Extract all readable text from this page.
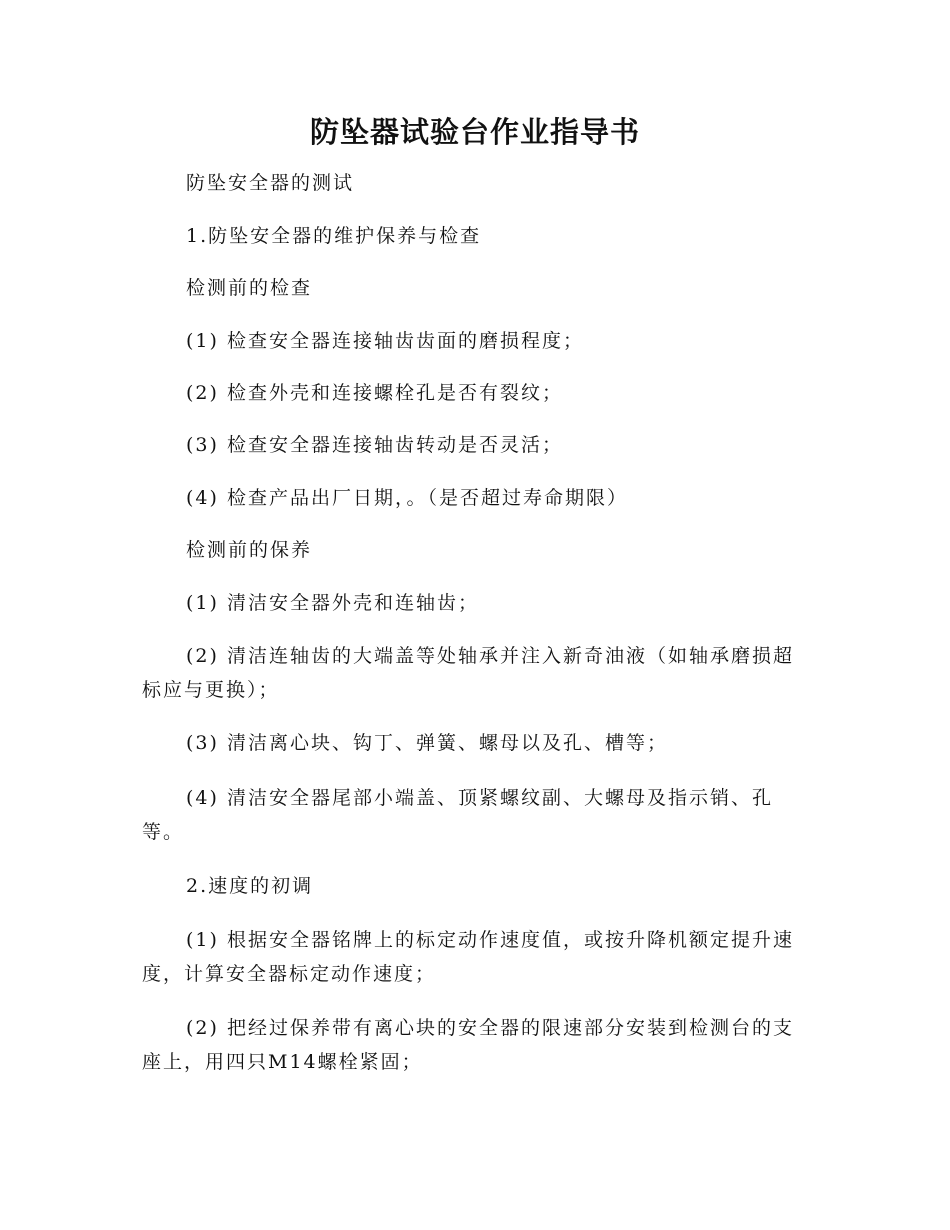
防坠器试验台作业指导书

防坠安全器的测试

1.防坠安全器的维护保养与检查

检测前的检查

(1) 检查安全器连接轴齿齿面的磨损程度；

(2) 检查外壳和连接螺栓孔是否有裂纹；

(3) 检查安全器连接轴齿转动是否灵活；

(4) 检查产品出厂日期，。（是否超过寿命期限）

检测前的保养

(1) 清洁安全器外壳和连轴齿；

(2) 清洁连轴齿的大端盖等处轴承并注入新奇油液（如轴承磨损超标应与更换）；

(3) 清洁离心块、钩丁、弹簧、螺母以及孔、槽等；

(4) 清洁安全器尾部小端盖、顶紧螺纹副、大螺母及指示销、孔等。

2.速度的初调

(1) 根据安全器铭牌上的标定动作速度值，或按升降机额定提升速度，计算安全器标定动作速度；

(2) 把经过保养带有离心块的安全器的限速部分安装到检测台的支座上，用四只M14螺栓紧固；
